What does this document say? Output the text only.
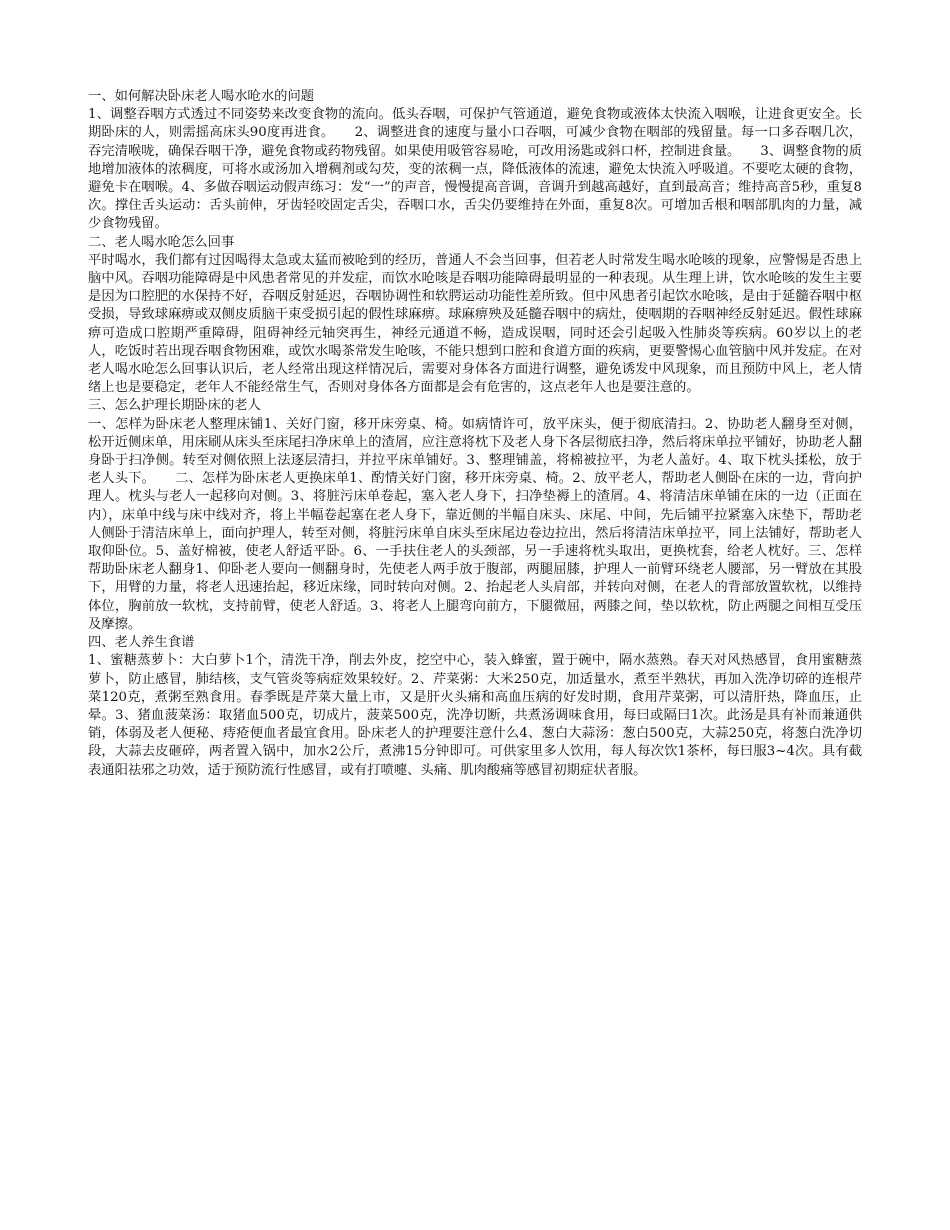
一、如何解决卧床老人喝水呛水的问题

1、调整吞咽方式透过不同姿势来改变食物的流向。低头吞咽，可保护气管通道，避免食物或液体太快流入咽喉，让进食更安全。长期卧床的人，则需摇高床头90度再进食。　　2、调整进食的速度与量小口吞咽，可减少食物在咽部的残留量。每一口多吞咽几次，吞完清喉咙，确保吞咽干净，避免食物或药物残留。如果使用吸管容易呛，可改用汤匙或斜口杯，控制进食量。　　3、调整食物的质地增加液体的浓稠度，可将水或汤加入增稠剂或勾芡，变的浓稠一点，降低液体的流速，避免太快流入呼吸道。不要吃太硬的食物，避免卡在咽喉。4、多做吞咽运动假声练习：发“一”的声音，慢慢提高音调，音调升到越高越好，直到最高音；维持高音5秒，重复8次。撑住舌头运动：舌头前伸，牙齿轻咬固定舌尖，吞咽口水，舌尖仍要维持在外面，重复8次。可增加舌根和咽部肌肉的力量，减少食物残留。

二、老人喝水呛怎么回事

平时喝水，我们都有过因喝得太急或太猛而被呛到的经历，普通人不会当回事，但若老人时常发生喝水呛咳的现象，应警惕是否患上脑中风。吞咽功能障碍是中风患者常见的并发症，而饮水呛咳是吞咽功能障碍最明显的一种表现。从生理上讲，饮水呛咳的发生主要是因为口腔肥的水保持不好，吞咽反射延迟，吞咽协调性和软腭运动功能性差所致。但中风患者引起饮水呛咳，是由于延髓吞咽中枢受损，导致球麻痹或双侧皮质脑干束受损引起的假性球麻痹。球麻痹殃及延髓吞咽中的病灶，使咽期的吞咽神经反射延迟。假性球麻痹可造成口腔期严重障碍，阻碍神经元轴突再生，神经元通道不畅，造成误咽，同时还会引起吸入性肺炎等疾病。60岁以上的老人，吃饭时若出现吞咽食物困难，或饮水喝茶常发生呛咳，不能只想到口腔和食道方面的疾病，更要警惕心血管脑中风并发症。在对老人喝水呛怎么回事认识后，老人经常出现这样情况后，需要对身体各方面进行调整，避免诱发中风现象，而且预防中风上，老人情绪上也是要稳定，老年人不能经常生气，否则对身体各方面都是会有危害的，这点老年人也是要注意的。

三、怎么护理长期卧床的老人

一、怎样为卧床老人整理床铺1、关好门窗，移开床旁桌、椅。如病情许可，放平床头，便于彻底清扫。2、协助老人翻身至对侧，松开近侧床单，用床刷从床头至床尾扫净床单上的渣屑，应注意将枕下及老人身下各层彻底扫净，然后将床单拉平铺好，协助老人翻身卧于扫净侧。转至对侧依照上法逐层清扫，并拉平床单铺好。3、整理铺盖，将棉被拉平，为老人盖好。4、取下枕头揉松，放于老人头下。　　二、怎样为卧床老人更换床单1、酌情关好门窗，移开床旁桌、椅。2、放平老人，帮助老人侧卧在床的一边，背向护理人。枕头与老人一起移向对侧。3、将脏污床单卷起，塞入老人身下，扫净垫褥上的渣屑。4、将清洁床单铺在床的一边（正面在内），床单中线与床中线对齐，将上半幅卷起塞在老人身下，靠近侧的半幅自床头、床尾、中间，先后铺平拉紧塞入床垫下，帮助老人侧卧于清洁床单上，面向护理人，转至对侧，将脏污床单自床头至床尾边卷边拉出，然后将清洁床单拉平，同上法铺好，帮助老人取仰卧位。5、盖好棉被，使老人舒适平卧。6、一手扶住老人的头颈部，另一手速将枕头取出，更换枕套，给老人枕好。三、怎样帮助卧床老人翻身1、仰卧老人要向一侧翻身时，先使老人两手放于腹部，两腿屈膝，护理人一前臂环绕老人腰部，另一臂放在其股下，用臂的力量，将老人迅速抬起，移近床缘，同时转向对侧。2、抬起老人头肩部，并转向对侧，在老人的背部放置软枕，以维持体位，胸前放一软枕，支持前臂，使老人舒适。3、将老人上腿弯向前方，下腿微屈，两膝之间，垫以软枕，防止两腿之间相互受压及摩擦。

四、老人养生食谱

1、蜜糖蒸萝卜：大白萝卜1个，清洗干净，削去外皮，挖空中心，装入蜂蜜，置于碗中，隔水蒸熟。春天对风热感冒，食用蜜糖蒸萝卜，防止感冒，肺结核，支气管炎等病症效果较好。2、芹菜粥：大米250克，加适量水，煮至半熟状，再加入洗净切碎的连根芹菜120克，煮粥至熟食用。春季既是芹菜大量上市，又是肝火头痛和高血压病的好发时期，食用芹菜粥，可以清肝热，降血压，止晕。3、猪血菠菜汤：取猪血500克，切成片，菠菜500克，洗净切断，共煮汤调味食用，每曰或隔曰1次。此汤是具有补而兼通供销，体弱及老人便秘、痔疮便血者最宜食用。卧床老人的护理要注意什么4、葱白大蒜汤：葱白500克，大蒜250克，将葱白洗净切段，大蒜去皮砸碎，两者置入锅中，加水2公斤，煮沸15分钟即可。可供家里多人饮用，每人每次饮1茶杯，每曰服3~4次。具有截表通阳祛邪之功效，适于预防流行性感冒，或有打喷嚏、头痛、肌肉酸痛等感冒初期症状者服。
